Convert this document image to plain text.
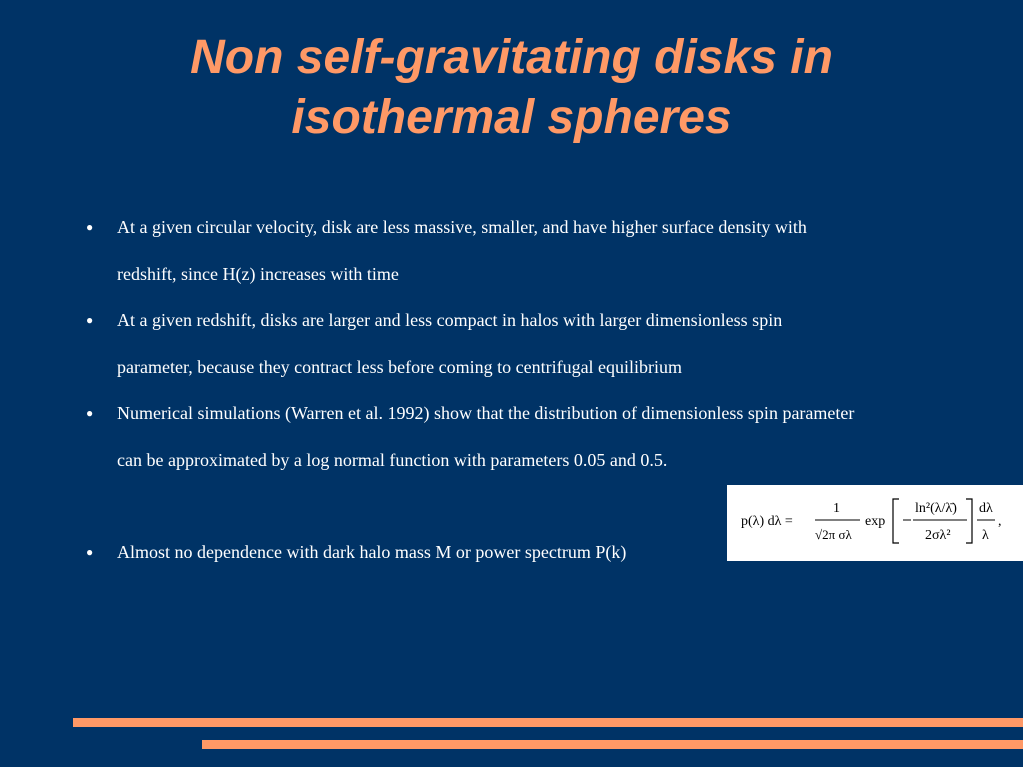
Non self-gravitating disks in
isothermal spheres
● At a given circular velocity, disk are less massive, smaller, and have higher surface density with
redshift, since H(z) increases with time
● At a given redshift, disks are larger and less compact in halos with larger dimensionless spin
parameter, because they contract less before coming to centrifugal equilibrium
● Numerical simulations (Warren et al. 1992) show that the distribution of dimensionless spin parameter
can be approximated by a log normal function with parameters 0.05 and 0.5.
● Almost no dependence with dark halo mass M or power spectrum P(k)
p(λ) dλ =
1
√2π σλ
exp
ln²(λ/λ̄)
2σλ²
dλ
λ
,
